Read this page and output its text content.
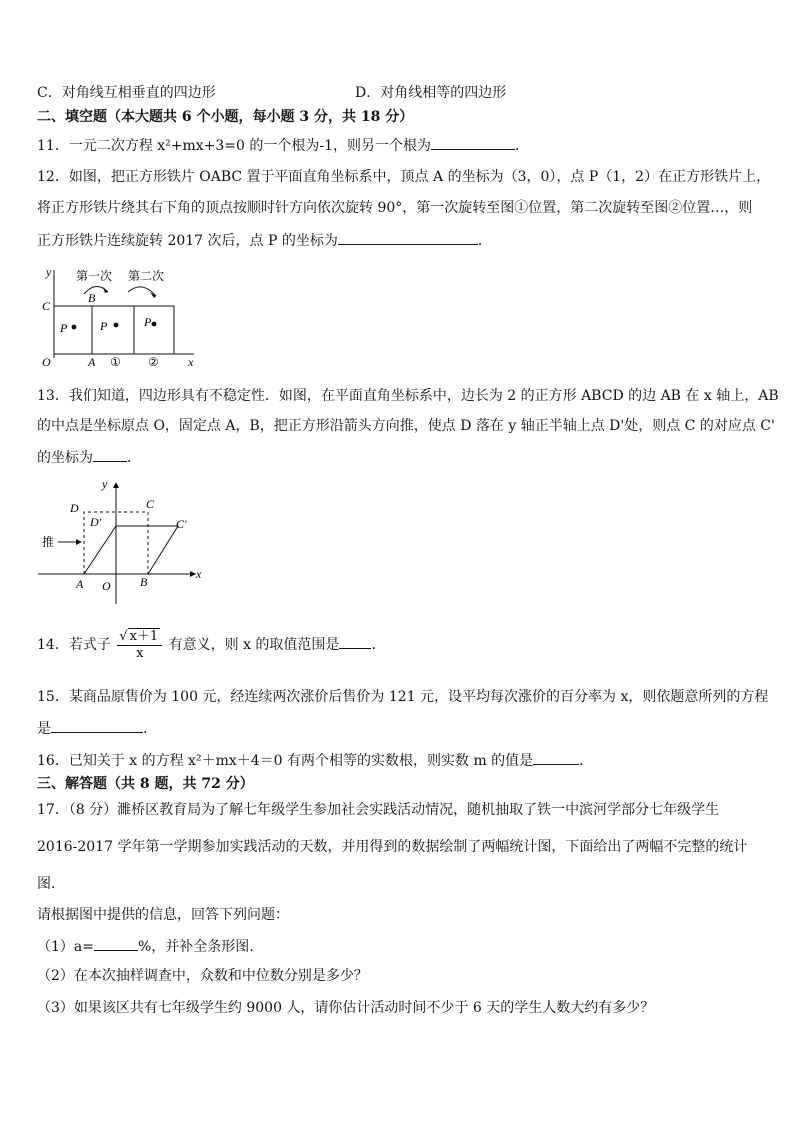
C．对角线互相垂直的四边形	D．对角线相等的四边形
二、填空题（本大题共 6 个小题，每小题 3 分，共 18 分）
11．一元二次方程 x²+mx+3=0 的一个根为-1，则另一个根为	．
12．如图，把正方形铁片 OABC 置于平面直角坐标系中，顶点 A 的坐标为（3，0），点 P（1，2）在正方形铁片上，
将正方形铁片绕其右下角的顶点按顺时针方向依次旋转 90°，第一次旋转至图①位置，第二次旋转至图②位置…，则
正方形铁片连续旋转 2017 次后，点 P 的坐标为	．
y
x
O
C
B
A
第一次 第二次
P	P	P
① ②
13．我们知道，四边形具有不稳定性．如图，在平面直角坐标系中，边长为 2 的正方形 ABCD 的边 AB 在 x 轴上，AB
的中点是坐标原点 O，固定点 A，B，把正方形沿箭头方向推，使点 D 落在 y 轴正半轴上点 D'处，则点 C 的对应点 C'
的坐标为 ．
y
x
D	C
D'	C'
推
A O B
14．若式子 $\frac{√ x+1}{x}$ 有意义，则 x 的取值范围是 ．
15．某商品原售价为 100 元，经连续两次涨价后售价为 121 元，设平均每次涨价的百分率为 x，则依题意所列的方程
是	．
16．已知关于 x 的方程 x²＋mx＋4＝0 有两个相等的实数根，则实数 m 的值是	．
三、解答题（共 8 题，共 72 分）
17．（8 分）濉桥区教育局为了解七年级学生参加社会实践活动情况，随机抽取了铁一中滨河学部分七年级学生
2016-2017 学年第一学期参加实践活动的天数，并用得到的数据绘制了两幅统计图，下面给出了两幅不完整的统计
图．
请根据图中提供的信息，回答下列问题：
（1）a=	%，并补全条形图．
（2）在本次抽样调查中，众数和中位数分别是多少？
（3）如果该区共有七年级学生约 9000 人，请你估计活动时间不少于 6 天的学生人数大约有多少？
